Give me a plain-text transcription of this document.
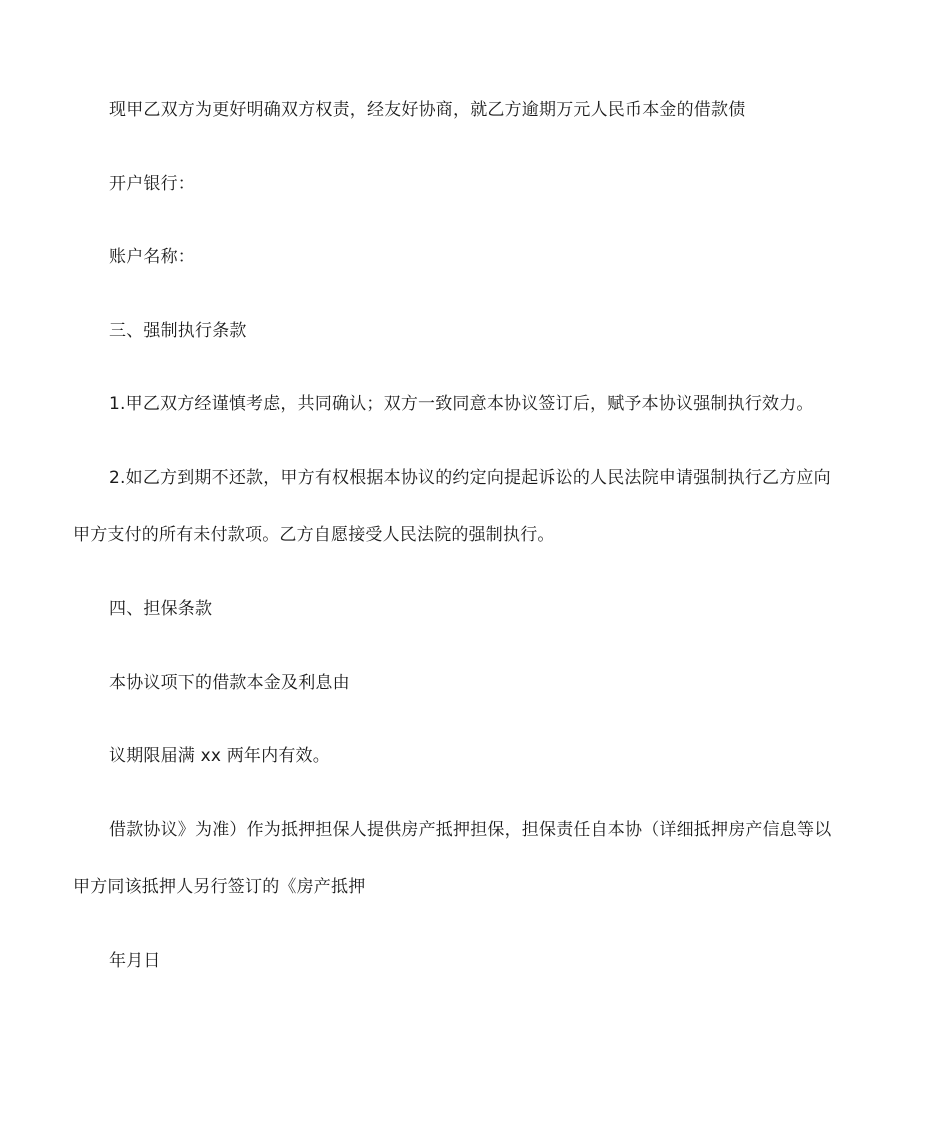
现甲乙双方为更好明确双方权责，经友好协商，就乙方逾期万元人民币本金的借款债
开户银行：
账户名称：
三、强制执行条款
1.甲乙双方经谨慎考虑，共同确认；双方一致同意本协议签订后，赋予本协议强制执行效力。
2.如乙方到期不还款，甲方有权根据本协议的约定向提起诉讼的人民法院申请强制执行乙方应向
甲方支付的所有未付款项。乙方自愿接受人民法院的强制执行。
四、担保条款
本协议项下的借款本金及利息由
议期限届满 xx 两年内有效。
借款协议》为准）作为抵押担保人提供房产抵押担保，担保责任自本协（详细抵押房产信息等以
甲方同该抵押人另行签订的《房产抵押
年月日
